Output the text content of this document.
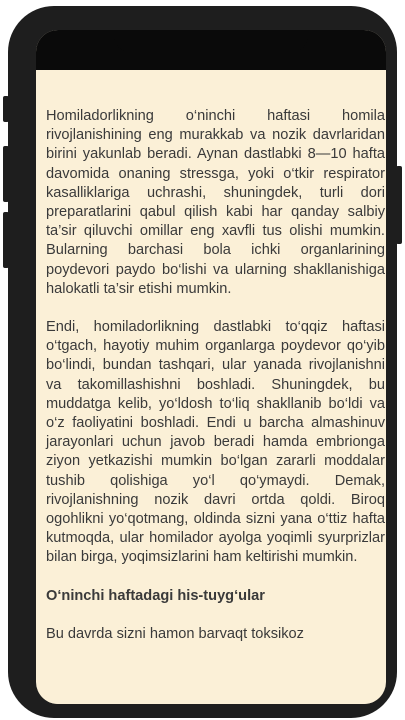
Homiladorlikning o‘ninchi haftasi homila rivojlanishining eng murakkab va nozik davrlaridan birini yakunlab beradi. Aynan dastlabki 8—10 hafta davomida onaning stressga, yoki o‘tkir respirator kasalliklariga uchrashi, shuningdek, turli dori preparatlarini qabul qilish kabi har qanday salbiy ta’sir qiluvchi omillar eng xavfli tus olishi mumkin. Bularning barchasi bola ichki organlarining poydevori paydo bo‘lishi va ularning shakllanishiga halokatli ta’sir etishi mumkin.

Endi, homiladorlikning dastlabki to‘qqiz haftasi o‘tgach, hayotiy muhim organlarga poydevor qo‘yib bo‘lindi, bundan tashqari, ular yanada rivojlanishni va takomillashishni boshladi. Shuningdek, bu muddatga kelib, yo‘ldosh to‘liq shakllanib bo‘ldi va o‘z faoliyatini boshladi. Endi u barcha almashinuv jarayonlari uchun javob beradi hamda embrionga ziyon yetkazishi mumkin bo‘lgan zararli moddalar tushib qolishiga yo‘l qo‘ymaydi. Demak, rivojlanishning nozik davri ortda qoldi. Biroq ogohlikni yo‘qotmang, oldinda sizni yana o‘ttiz hafta kutmoqda, ular homilador ayolga yoqimli syurprizlar bilan birga, yoqimsizlarini ham keltirishi mumkin.

O‘ninchi haftadagi his-tuyg‘ular

Bu davrda sizni hamon barvaqt toksikoz
